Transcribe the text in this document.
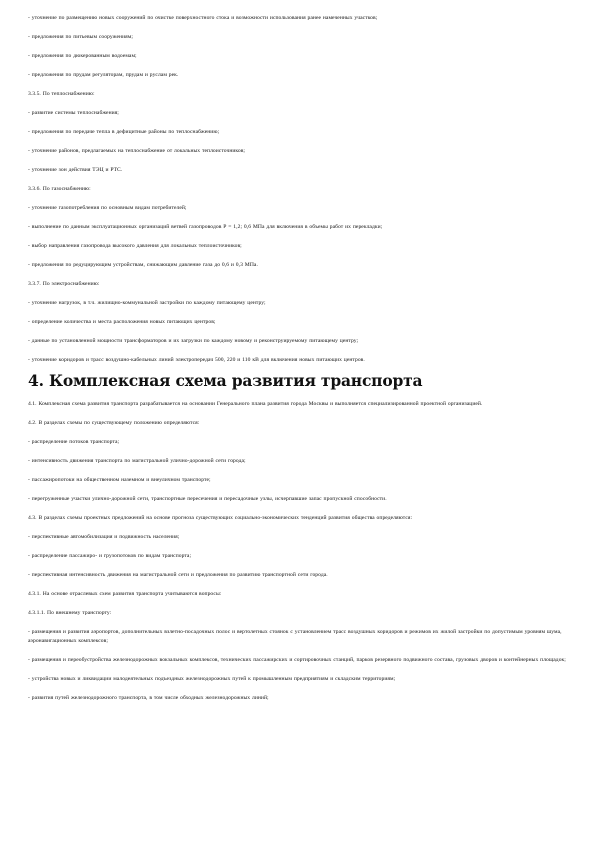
- уточнение по размещению новых сооружений по очистке поверхностного стока и возможности использования ранее намеченных участков;

- предложения по питьевым сооружениям;

- предложения по дюкерованным водоемам;

- предложения по прудам регуляторам, прудам и руслам рек.

3.3.5. По теплоснабжению:

- развитие системы теплоснабжения;

- предложения по передаче тепла в дефицитные районы по теплоснабжению;

- уточнение районов, предлагаемых на теплоснабжение от локальных теплоисточников;

- уточнение зон действия ТЭЦ и РТС.

3.3.6. По газоснабжению:

- уточнение газопотребления по основным видам потребителей;

- выполнение по данным эксплуатационных организаций ветвей газопроводов Р = 1,2; 0,6 МПа для включения в объемы работ их перекладки;

- выбор направления газопровода высокого давления для локальных теплоисточников;

- предложения по редуцирующим устройствам, снижающим давление газа до 0,6 и 0,3 МПа.

3.3.7. По электроснабжению:

- уточнение нагрузок, в т.ч. жилищно-коммунальной застройки по каждому питающему центру;

- определение количества и места расположения новых питающих центров;

- данные по установленной мощности трансформаторов и их загрузки по каждому новому и реконструируемому питающему центру;

- уточнение коридоров и трасс воздушно-кабельных линий электропередач 500, 220 и 110 кВ для включения новых питающих центров.

4. Комплексная схема развития транспорта

4.1. Комплексная схема развития транспорта разрабатывается на основании Генерального плана развития города Москвы и выполняется специализированной проектной организацией.

4.2. В разделах схемы по существующему положению определяются:

- распределение потоков транспорта;

- интенсивность движения транспорта по магистральной улично-дорожной сети города;

- пассажиропотоки на общественном наземном и внеуличном транспорте;

- перегруженные участки улично-дорожной сети, транспортные пересечения и пересадочные узлы, исчерпавшие запас пропускной способности.

4.3. В разделах схемы проектных предложений на основе прогноза существующих социально-экономических тенденций развития общества определяются:

- перспективные автомобилизация и подвижность населения;

- распределение пассажиро- и грузопотоков по видам транспорта;

- перспективная интенсивность движения на магистральной сети и предложения по развитию транспортной сети города.

4.3.1. На основе отраслевых схем развития транспорта учитываются вопросы:

4.3.1.1. По внешнему транспорту:

- размещения и развития аэропортов, дополнительных взлетно-посадочных полос и вертолетных стоянок с установлением трасс воздушных коридоров и режимов их жилой застройки по допустимым уровням шума, аэронавигационных комплексов;

- размещения и переобустройства железнодорожных вокзальных комплексов, технических пассажирских и сортировочных станций, парков резервного подвижного состава, грузовых дворов и контейнерных площадок;

- устройства новых и ликвидации малодеятельных подъездных железнодорожных путей к промышленным предприятиям и складским территориям;

- развития путей железнодорожного транспорта, в том числе обходных железнодорожных линий;
